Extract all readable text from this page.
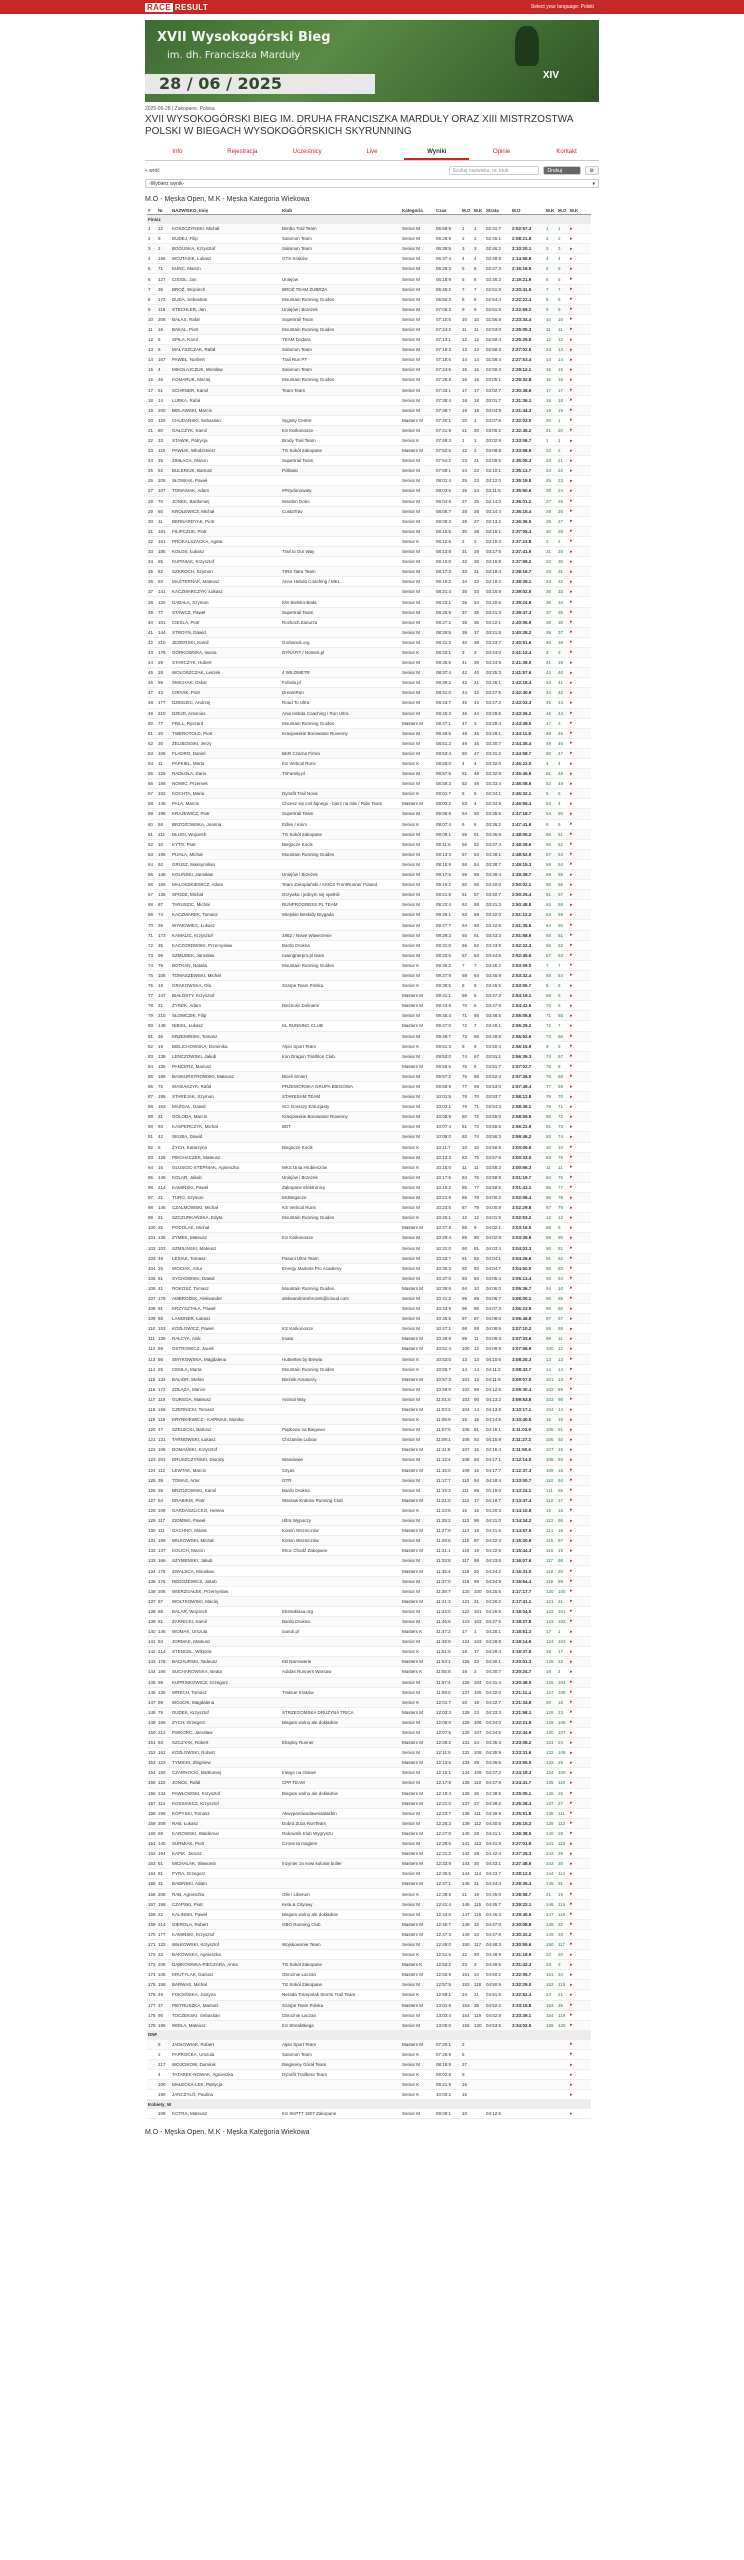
RACE RESULT	Select your language: Polski
XVII Wysokogórski Bieg
im. dh. Franciszka Marduły
28 / 06 / 2025	XIV
2025-06-28 | Zakopane, Polska
XVII WYSOKOGÓRSKI BIEG IM. DRUHA FRANCISZKA MARDUŁY ORAZ XIII MISTRZOSTWA POLSKI W BIEGACH WYSOKOGÓRSKICH SKYRUNNING
Info	Rejestracja	Uczestnicy	Live	Wyniki	Opinie	Kontakt
« wróć	Szukaj nazwiska, nr, klub	Drukuj	⚙
-Wybierz wynik-	▾
M.O - Męska Open, M.K - Męska Kategoria Wiekowa
#	Nr	NAZWISKO, Imię	Klub	Kategoria	Czas	M.O	M.K	Strata	M.O	M.K	M.O	M.K
Finisz												
1	12	KOSZCZYNSKI, Michał	Bimbo Trail Team	Senior M	06:59:8	1	1	02:41:7	2:02:57.3	1	1	▸
2	9	DUDEJ, Filip	Salomon Team	Senior M	06:28:9	2	2	02:45:1	2:08:21.8	2	2	▸
3	2	BOGUSKA, Krzysztof	Salomon Team	Senior M	06:39:5	3	3	02:46:2	2:10:20.1	3	3	▸
4	156	WOJTASIK, Łukasz	GTS Kraków	Senior M	06:37:4	4	4	02:48:8	2:14:56.8	4	4	▸
5	71	KUNC, Marcin		Senior M	06:29:3	5	5	02:47:3	2:16:16.5	5	5	▸
6	127	CISIOŁ, Jan	Uniejów	Senior M	06:18:9	6	6	02:46:2	2:19:21.9	6	6	▸
7	36	BROŻ, Wojciech	BROŻ TEAM ŻUBRZA	Senior M	06:46:2	7	7	02:51:8	2:20:41.5	7	7	▸
8	173	DUDA, Sebastian	Mountain Running Guides	Senior M	06:50:3	8	8	02:54:4	2:22:22.4	8	8	▸
9	119	STECHLER, Jan	Uniejów i Brzeżek	Senior M	07:05:3	9	9	02:51:9	2:22:59.2	9	9	▸
10	208	BAŁAS, Rafał	Supertrail Team	Senior M	07:10:5	10	10	02:56:8	2:23:34.4	10	10	▸
11	16	BAKAL, Piotr	Mountain Running Guides	Senior M	07:24:2	11	11	02:53:0	2:25:05.3	11	11	▸
12	5	SPIŁA, Karol	TEAM Dodara	Senior M	07:13:1	12	12	02:59:4	2:25:25.9	12	12	▸
13	6	MAŁYSZCZAK, Rafał	Salomon Team	Senior M	07:18:3	13	13	02:58:3	2:27:02.5	13	13	▸
14	167	PAWEŁ, Norbert	Trail Run PT	Senior M	07:18:6	14	14	02:58:4	2:27:53.4	14	14	▸
15	4	MIKOŁAJCZUK, Wiesław	Salomon Team	Senior M	07:24:6	15	15	02:59:3	2:29:12.1	15	15	▸
16	46	KOMARUK, Maciej	Mountain Running Guides	Senior M	07:28:8	16	16	03:05:1	2:29:32.8	16	16	▸
17	61	SCHRNER, Kamil	Team Team	Senior M	07:33:1	17	17	03:02:7	2:30:38.6	17	17	▸
18	14	LURKA, Rafał		Senior M	07:35:4	18	18	03:01:7	2:31:36.1	18	18	▸
19	200	BIELAWSKI, Marcin		Senior M	07:38:7	19	19	03:04:9	2:31:44.3	19	19	▸
20	128	CHUDAŃSKI, Sebastian	Sygnity Centre	Masters M	07:40:1	20	1	03:07:6	2:32:03.0	20	1	▸
21	80	GAŁCZYK, Kamil	KS Karkonosze	Senior M	07:41:9	21	20	03:06:2	2:32:45.2	21	20	▸
22	33	STAWIK, Patrycja	Brody Trail Team	Senior K	07:49:3	1	1	03:02:8	2:33:06.7	1	1	▸
23	116	PAWŁIK, Włodzimierz	TG Sokół Zakopane	Masters M	07:52:5	22	2	03:08:8	2:33:58.9	22	2	▸
24	35	ZIMŁAGA, Marcin	Supertrail Team	Senior M	07:54:2	23	21	03:09:5	2:35:05.3	23	21	▸
25	52	BULERIUK, Bartosz	Półbiało	Senior M	07:59:1	24	22	03:10:1	2:35:13.7	24	22	▸
26	206	SŁOWIAK, Paweł		Senior M	08:01:4	25	23	03:12:0	2:35:19.8	25	23	▸
27	107	TOMASIAK, Adam	#Pirydonowaty	Senior M	08:03:6	26	24	03:11:5	2:35:50.6	26	24	▸
28	70	JONEK, Bartłomiej	Warden Dobo	Senior M	08:04:8	27	25	03:14:0	2:36:01.2	27	25	▸
29	60	KROŁEWICZ, Michał	CostaTrav	Senior M	08:06:7	28	26	03:14:4	2:36:15.4	28	26	▸
30	11	BERNARDYAK, Piotr		Senior M	08:08:3	29	27	03:13:2	2:36:36.5	29	27	▸
31	181	FILIPCZUK, Piotr		Senior M	08:10:5	30	28	03:16:1	2:37:05.4	30	28	▸
32	161	PROKALSZACKA, Agata		Senior K	08:12:6	2	2	03:15:3	2:37:23.8	2	2	▸
33	185	KOŁOS, Łukasz	Trail to Our Way	Senior M	08:13:8	31	29	03:17:6	2:37:41.9	31	29	▸
34	85	KUPINIAK, Krzysztof		Senior M	08:15:0	32	30	03:16:8	2:37:58.2	32	30	▸
35	62	SZKROCH, Szymon	TIRS Tatra Team	Senior M	08:17:3	33	31	03:18:4	2:38:16.7	33	31	▸
36	93	MAŚTERNAK, Mateusz	Anna Hebda Coaching / MKL	Senior M	08:19:2	34	32	03:19:2	2:38:39.1	34	32	▸
37	141	KACZMARCZYK, Łukasz		Senior M	08:21:4	35	33	03:18:9	2:39:02.5	35	33	▸
38	120	DĄBAŁA, Szymon	KW Bielsko-Biała	Senior M	08:23:1	36	34	03:20:6	2:39:24.8	36	34	▸
39	77	STAWCZ, Paweł	Supertrail Team	Senior M	08:25:8	37	35	03:21:3	2:39:47.3	37	35	▸
40	101	CIEŚLA, Piotr	Rozkoch Zanurza	Senior M	08:27:2	38	36	03:22:1	2:40:06.9	38	36	▸
41	144	STROYŃ, Dawid		Senior M	08:29:5	39	37	03:21:8	2:40:28.2	39	37	▸
42	210	JEZIERSKI, Kamil	Gorbanok.org	Senior M	08:31:3	40	38	03:23:7	2:40:51.6	40	38	▸
43	176	GÓRKOWSKA, Iwona	DYNAFIT / Nomen.pl	Senior K	08:33:1	3	3	03:24:0	2:41:12.4	3	3	▸
44	29	STARCZYK, Hubert		Senior M	08:35:6	41	39	03:24:9	2:41:38.0	41	39	▸
45	28	WOLOSZCZAK, Leszek	4 WILDMETR	Senior M	08:37:4	42	40	03:25:3	2:41:57.6	42	40	▸
46	98	ŚMICHAK, Oskar	Fofeda.pl	Senior M	08:39:2	43	41	03:26:1	2:42:18.4	43	41	▸
47	43	CIRYAK, Piotr	DreamRun	Senior M	08:41:0	44	42	03:27:5	2:42:40.9	44	42	▸
48	177	DZIEDZIC, Andrzej	Road To Ultra	Senior M	08:43:7	45	43	03:27:2	2:43:03.3	45	43	▸
49	210	DZIUD, Antonius	Ania Hebda Coaching / Run Ultra	Senior M	08:45:3	46	44	03:28:6	2:43:26.2	46	44	▸
50	77	FRILL, Ryszard	Mountain Running Guides	Masters M	08:47:1	47	3	03:29:4	2:43:49.5	47	3	▸
51	20	TWEROTOLD, Piotr	Kraojowskie Borowanie Ruvenny	Senior M	08:49:5	48	45	03:29:1	2:44:11.8	48	45	▸
52	30	ŻELIBOSSKI, Jerzy		Senior M	08:51:2	49	46	03:30:7	2:44:35.4	49	46	▸
53	106	FLADRO, Daniel	BKR Czarna Firma	Senior M	08:53:4	50	47	03:31:2	2:44:58.7	50	47	▸
54	11	PAPKIEL, Marta	KS Vertical Runs	Senior K	08:55:0	4	4	03:32:0	2:45:22.0	4	4	▸
55	129	RADŁOŁA, Dario	TriFamily.pl	Senior M	08:57:6	51	48	03:32:8	2:45:45.9	51	48	▸
56	188	NOWIC, Przemek		Senior M	08:59:3	52	49	03:33:4	2:46:08.6	52	49	▸
57	102	KOCHTA, Maria	Dynafit Trail Nova	Senior K	09:01:7	5	5	03:34:1	2:46:32.1	5	5	▸
58	148	PALA, Marcin	Chcesz się coś fajnego - bierz na ride / Ride Team	Masters M	09:03:2	53	4	03:34:9	2:46:55.4	53	4	▸
59	198	KRAJEWICZ, Piotr	Supertrail Team	Senior M	09:05:8	54	50	03:35:5	2:47:18.7	54	50	▸
60	58	BRZOZOWSKA, Joanna	Edles / Ksim	Senior K	09:07:4	6	6	03:36:2	2:47:41.9	6	6	▸
61	211	DŁUGI, Wojciech	TG Sokół Zakopane	Senior M	09:09:1	55	51	03:36:8	2:48:05.2	55	51	▸
62	10	KYTO, Piotr	Biegacze Kocik	Senior M	09:11:6	56	52	03:37:4	2:48:28.6	56	52	▸
63	195	PIJAŁA, Michał	Mountain Running Guides	Senior M	09:13:3	57	53	03:38:1	2:48:52.0	57	53	▸
64	92	GRUSZ, Maksymilian		Senior M	09:15:9	58	54	03:38:7	2:49:15.3	58	54	▸
65	148	KOLIŃSKI, Jarosław	Uniejów i Brzeżek	Senior M	09:17:5	59	55	03:39:4	2:49:38.7	59	55	▸
66	165	MALOSZKIEWICZ, Adam	Team Zakopiański / ASICS FrontRunner Poland	Senior M	09:19:2	60	56	03:40:0	2:50:02.1	60	56	▸
67	136	SPODZ, Michał	Grzywka i jednym się spełnili	Senior M	09:21:8	61	57	03:40:7	2:50:25.4	61	57	▸
68	87	TARUSZIC, Michał	RUNPROGRESS.PL TEAM	Senior M	09:23:4	62	58	03:41:3	2:50:48.8	62	58	▸
69	74	KACZMAREK, Tomasz	Wiejskie Beskidy Brygada	Senior M	09:25:1	63	59	03:42:0	2:51:12.2	63	59	▸
70	36	WYMOWIEC, Łukasz		Senior M	09:27:7	64	60	03:42:6	2:51:35.5	64	60	▸
71	173	KAMALIC, Krzysztof	1982 / Nowe Wiwerzenie	Senior M	09:29:3	65	61	03:43:3	2:51:58.9	65	61	▸
72	35	KACZORDWSKI, Przemysław	Bardo Drukna	Senior M	09:31:0	66	62	03:43:9	2:52:22.3	66	62	▸
73	99	SZMUDEK, Jarosław	ruwingnerpro.pl team	Senior M	09:33:6	67	63	03:44:6	2:52:45.6	67	63	▸
74	79	BOTKAN, Natalia	Mountain Running Guides	Senior K	09:35:2	7	7	03:45:2	2:53:09.0	7	7	▸
75	105	TOMASZEWSKI, Michał		Senior M	09:37:9	68	64	03:45:9	2:53:32.4	68	64	▸
76	18	GRAKOWSKA, Ola	Szarpe Team Polska	Senior K	09:39:5	8	8	03:46:5	2:53:55.7	8	8	▸
77	147	BIAŁOSTY, Krzysztof		Masters M	09:41:1	69	5	03:47:2	2:54:19.1	69	5	▸
78	31	ŻYREK, Adam	Bieżność Dolinami	Masters M	09:43:8	70	6	03:47:8	2:54:42.5	70	6	▸
79	210	SŁOWCZIK, Filip		Senior M	09:45:4	71	65	03:48:5	2:55:05.8	71	65	▸
80	148	NIBISL, Łukasz	KL RUNNING CLUB	Masters M	09:47:0	72	7	03:49:1	2:55:29.2	72	7	▸
81	36	KRZEMIŃSKI, Tomasz		Senior M	09:49:7	73	66	03:49:8	2:55:52.6	73	66	▸
82	19	BIELICHOWSKA, Dominika	Alpin Sport Team	Senior K	09:51:3	9	9	03:50:4	2:56:15.9	9	9	▸
83	138	LENCZOWSKI, Jakub	Iron Dragon Triathlon Club	Senior M	09:53:0	74	67	03:51:1	2:56:39.3	74	67	▸
84	136	PANCERZ, Mariusz		Masters M	09:55:6	75	8	03:51:7	2:57:02.7	75	8	▸
85	185	BASKURSTROWSKI, Mateusz	Biceli Smiert	Senior M	09:57:2	76	68	03:52:4	2:57:26.0	76	68	▸
86	75	WASIAKZYK, Rafał	PRZEWORSKA GRUPA BIEGOWA	Senior M	09:59:9	77	69	03:53:0	2:57:49.4	77	69	▸
87	195	STAREJAK, Szymon	STARESAM TEAM	Senior M	10:01:5	78	70	03:53:7	2:58:12.8	78	70	▸
88	163	MAZGAL, Dawid	SCI Gorsszy Entuzjasty	Senior M	10:03:1	79	71	03:54:3	2:58:36.1	79	71	▸
89	31	GOLODA, Marcin	Kraojowskie Borowanie Ruvenny	Senior M	10:05:8	80	72	03:55:0	2:58:59.5	80	72	▸
90	93	KASPERCZYK, Michał	BDT	Senior M	10:07:4	81	73	03:55:6	2:59:22.9	81	73	▸
91	42	SKUBA, Dawid		Senior M	10:09:0	82	74	03:56:3	2:59:46.2	82	74	▸
92	8	ŻYCH, Katarzyna	Biegacze Kocik	Senior K	10:11:7	10	10	03:56:9	3:00:09.6	10	10	▸
93	128	PIECHACZEK, Mateusz		Senior M	10:13:3	83	75	03:57:6	3:00:33.0	83	75	▸
94	16	GŁUSIOC-STEPNIAK, Agnieszka	MKS Unia Hrubieszów	Senior K	10:15:0	11	11	03:58:2	3:00:56.3	11	11	▸
95	149	KOLAR, Jakub	Uniejów i Brzeżek	Senior M	10:17:6	84	76	03:58:9	3:01:19.7	84	76	▸
96	214	KAMIŃSKI, Paweł	Zakopane Elektronicy	Senior M	10:19:2	85	77	03:59:5	3:01:43.1	85	77	▸
97	21	TURO, Szymon	McBiegacze	Senior M	10:21:9	86	78	04:00:2	3:02:06.4	86	78	▸
98	146	CZALMOWSKI, Michał	KS Vertical Runs	Senior M	10:23:5	87	79	04:00:8	3:02:29.8	87	79	▸
99	21	SZCZURKAŃSKA, Edyta	Mountain Running Guides	Senior K	10:25:1	12	12	04:01:5	3:02:53.2	12	12	▸
100	25	PODOLAK, Michał		Masters M	10:27:8	88	9	04:02:1	3:03:16.5	88	9	▸
101	136	ZYMEK, Mateusz	KS Karkonosze	Senior M	10:29:4	89	80	04:02:8	3:03:39.9	89	80	▸
102	103	SZMILINSKI, Mateusz		Senior M	10:31:0	90	81	04:03:4	3:04:03.3	90	81	▸
103	48	LESIAK, Tomasz	Pasuni Ultra Team	Senior M	10:33:7	91	82	04:04:1	3:04:26.6	91	82	▸
104	26	WOCIAK, Artur	Energy Markets Pro Academy	Senior M	10:35:3	92	83	04:04:7	3:04:50.0	92	83	▸
105	81	SYCHOWSKI, Dawid		Senior M	10:37:0	93	84	04:05:4	3:05:13.4	93	84	▸
106	41	ROKOSZ, Tomasz	Mountain Running Guides	Masters M	10:39:6	94	10	04:06:0	3:05:36.7	94	10	▸
107	179	AMBROŻEK, Aleksander	aleksandrrambrozek@icloud.com	Senior M	10:41:2	95	85	04:06:7	3:06:00.1	95	85	▸
108	91	KRZYSZTAŁA, Paweł		Senior M	10:43:9	96	86	04:07:3	3:06:23.5	96	86	▸
109	58	LANGNER, Łukasz		Senior M	10:45:5	97	87	04:08:0	3:06:46.8	97	87	▸
110	153	KOZŁOWICZ, Paweł	KS Karkonosze	Senior M	10:47:1	98	88	04:08:6	3:07:10.2	98	88	▸
111	139	RAŁCYA, Anik	Imala	Masters M	10:49:8	99	11	04:09:3	3:07:33.6	99	11	▸
112	69	OSTROWICZ, Jacek		Masters M	10:51:4	100	12	04:09:9	3:07:56.9	100	12	▸
113	56	SMYKOWSKA, Magdalena	Hutterites by Brewia	Senior K	10:53:0	13	13	04:10:6	3:08:20.3	13	13	▸
114	25	CEMLA, Marta	Mountain Running Guides	Senior K	10:55:7	14	14	04:11:2	3:08:43.7	14	14	▸
115	132	BALIOR, Stefan	Bieżnik Amatorzy	Masters M	10:57:3	101	13	04:11:9	3:09:07.0	101	13	▸
116	172	ZOŁĄZA, Marcin		Senior M	10:59:0	102	89	04:12:5	3:09:30.4	102	89	▸
117	119	GURSOA, Mateusz	Animal Way	Senior M	11:01:6	103	90	04:13:2	3:09:53.8	103	90	▸
118	156	CZERNICKI, Tomasz		Masters M	11:03:2	104	14	04:13:8	3:10:17.1	104	14	▸
119	118	KRYNKIEWICZ - KAPINAS, Monika		Senior K	11:05:9	15	15	04:14:5	3:10:40.5	15	15	▸
120	47	SZELECKI, Bartosz	Piątkowo na Biegowo	Senior M	11:07:5	105	91	04:15:1	3:11:03.9	105	91	▸
121	131	TARNOWSKI, Łukasz	Chrzanów Lubow	Senior M	11:09:1	106	92	04:15:8	3:11:27.2	106	92	▸
122	108	DOMAŃSKI, Krzysztof		Masters M	11:11:8	107	15	04:16:4	3:11:50.6	107	15	▸
123	201	DRUSZCZYŃSKI, Dionizy	Wandowie	Senior M	11:13:4	108	93	04:17:1	3:12:14.0	108	93	▸
124	112	LEWTAK, Marcin	Cityas	Masters M	11:15:0	109	16	04:17:7	3:12:37.3	109	16	▸
125	39	TOMAS, Artur	GTR	Senior M	11:17:7	110	94	04:18:4	3:13:00.7	110	94	▸
126	38	BRZOZOWSKI, Kamil	Bardo Drukna	Senior M	11:19:3	111	95	04:19:0	3:13:24.1	111	95	▸
127	54	DRABIKIS, Piotr	Warsaw Kraków Running Club	Masters M	11:21:0	112	17	04:19:7	3:13:47.4	112	17	▸
128	109	GARDASZLICKO, Helena		Senior K	11:23:6	16	16	04:20:3	3:14:10.8	16	16	▸
129	117	ZIOMSKI, Paweł	Ultra Wypoczy	Senior M	11:25:2	113	96	04:21:0	3:14:34.2	113	96	▸
130	111	GACHNO, Marek	Komin Wszniczów	Masters M	11:27:9	114	18	04:21:6	3:14:57.5	114	18	▸
131	199	WILKOWSKI, Michał	Komin Wszniczów	Senior M	11:29:5	115	97	04:22:3	3:15:20.9	115	97	▸
132	137	KOLICH, Marcin	Mroc Chodź Zakopane	Masters M	11:31:1	116	19	04:22:9	3:15:44.3	116	19	▸
133	166	SZYMENSKI, Jakub		Senior M	11:33:8	117	98	04:23:6	3:16:07.6	117	98	▸
134	178	ZWAŁSCA, Mirosław		Masters M	11:35:4	118	20	04:24:2	3:16:31.0	118	20	▸
135	176	REDOŻEWICZ, Jakub		Senior M	11:37:0	119	99	04:24:9	3:16:54.4	119	99	▸
136	206	WIERZGAŁEK, Przemysław		Senior M	11:39:7	120	100	04:25:5	3:17:17.7	120	100	▸
137	97	WOLTKOWSKI, Maciej		Masters M	11:41:3	121	21	04:26:2	3:17:41.1	121	21	▸
138	88	BALAR, Wojciech	Ekstraklasa.org	Senior M	11:43:0	122	101	04:26:8	3:18:04.5	122	101	▸
139	61	ŻARNICKI, Kamil	Bardo Drukna	Senior M	11:45:6	123	102	04:27:5	3:18:27.8	123	102	▸
140	146	WOMAK, Urszula	ioaruti.pl	Masters K	11:47:2	17	1	04:28:1	3:18:51.2	17	1	▸
141	84	JORMAK, Mateusz		Senior M	11:49:9	124	103	04:28:8	3:19:14.6	124	103	▸
142	214	STENCEL, Wiktoria		Senior K	11:51:5	18	17	04:29:4	3:19:37.9	18	17	▸
143	178	BACHURSKI, Tadeusz	KB Narrowerie	Masters M	11:53:1	125	22	04:30:1	3:20:01.3	125	22	▸
144	166	SUCHAROWSKA, Beata	Adidas Runners Warsaw	Masters K	11:55:8	19	2	04:30:7	3:20:24.7	19	2	▸
145	98	KUPRINKOWICZ, Grzegorz		Senior M	11:57:4	126	104	04:31:4	3:20:48.0	126	104	▸
146	135	WRECH, Tomasz	Trakrue Kraków	Senior M	11:59:0	127	105	04:32:0	3:21:11.4	127	105	▸
147	99	WOJCIK, Magdalena		Senior K	12:01:7	20	18	04:32:7	3:21:34.8	20	18	▸
148	79	DUDEK, Krzysztof	STRZEGOMSKA DRUŻYNA TRICA	Masters M	12:03:3	128	23	04:33:3	3:21:58.1	128	23	▸
149	169	ZYCH, Grzegorz	Biegam wolno ale dokładnie	Senior M	12:05:0	129	106	04:34:0	3:22:21.5	129	106	▸
150	212	PSIKORC, Jarosław		Senior M	12:07:6	130	107	04:34:6	3:22:44.9	130	107	▸
151	63	SZCZYAK, Robert	Eksploy Runner	Masters M	12:09:2	131	24	04:35:3	3:23:08.2	131	24	▸
152	162	KOZŁOWSKI, Robert		Senior M	12:11:9	132	108	04:35:9	3:23:31.6	132	108	▸
153	123	TYMICKI, Zbigniew		Masters M	12:13:5	133	25	04:36:6	3:23:55.0	133	25	▸
154	150	CZARNOCKI, Bartłomiej	Inwigo na Oisiwe	Senior M	12:15:1	134	109	04:37:2	3:24:18.3	134	109	▸
155	122	JOŃCE, Rafał	CPP TEAM	Senior M	12:17:8	135	110	04:37:9	3:24:41.7	135	110	▸
156	134	PAWŁOWSKI, Krzysztof	Biegam wolno ale dokładnie	Masters M	12:19:4	136	26	04:38:5	3:25:05.1	136	26	▸
157	114	KOSSIAKCZ, Krzysztof		Masters M	12:21:0	137	27	04:39:2	3:25:28.4	137	27	▸
158	199	KOPYSKI, Tomasz	Akwypamiwodawnidalakbin	Senior M	12:23:7	138	111	04:39:8	3:25:51.8	138	111	▸
159	209	RAB, Łukasz	Dobra Zuza RunTeam	Senior M	12:25:3	139	112	04:40:5	3:26:15.2	139	112	▸
160	68	KAROWSKI, Waldemar	Rakownik Klub Wygryszu	Masters M	12:27:0	140	28	04:41:1	3:26:38.5	140	28	▸
161	140	SURMIAK, Piotr	Czone ta magiem	Senior M	12:29:6	141	113	04:41:8	3:27:01.9	141	113	▸
162	164	KAPIK, Janusz		Masters M	12:31:2	142	29	04:42:4	3:27:25.3	142	29	▸
163	51	MICHALAK, Sławomir	Inzynier za nowi kolosie boiler	Masters M	12:33:9	143	30	04:43:1	3:27:48.6	143	30	▸
164	81	PYRA, Grzegorz		Senior M	12:35:5	144	114	04:43:7	3:28:12.0	144	114	▸
165	31	BABIŃSKI, Adam		Masters M	12:37:1	145	31	04:44:4	3:28:35.4	145	31	▸
166	208	RAB, Agnieszka	Olle i Liberum	Senior K	12:39:8	21	19	04:45:0	3:28:58.7	21	19	▸
167	198	CZAPSKI, Piotr	Keta & Cityowy	Senior M	12:41:4	146	115	04:45:7	3:29:22.1	146	115	▸
168	22	KALINSKI, Paweł	Biegam wolno ale dokładnie	Senior M	12:43:0	147	116	04:46:3	3:29:45.5	147	116	▸
169	214	GIEROLA, Robert	GBO Running Club	Masters M	12:45:7	148	32	04:47:0	3:30:08.8	148	32	▸
170	177	KAMIŃSKI, Krzysztof		Masters M	12:47:3	149	33	04:47:6	3:30:32.2	149	33	▸
171	122	WIŁKOWSKI, Krzysztof	Wojskowonie Team	Senior M	12:49:0	150	117	04:48:3	3:30:55.6	150	117	▸
172	33	BAKOWSKA, Agnieszka		Senior K	12:51:6	22	20	04:48:9	3:31:18.9	22	20	▸
173	206	DĄBKOWSKA-PIECZARA, Anna	TG Sokół Zakopane	Masters K	12:53:2	23	3	04:49:6	3:31:42.3	23	3	▸
174	105	KRUTYLAK, Dariusz	Obrożnie Łaczan	Masters M	12:55:9	151	34	04:50:2	3:32:05.7	151	34	▸
175	158	BARWAS, Michał	TG Sokół Zakopane	Senior M	12:57:5	152	118	04:50:9	3:32:29.0	152	118	▸
176	49	FOKSIŃSKA, Justyna	Nerada Trampolak Stormi Trail Team	Senior K	12:59:1	24	21	04:51:5	3:32:52.4	24	21	▸
177	37	PIETRUSZKA, Mariusz	Szarpe Team Polska	Masters M	13:01:8	153	35	04:52:2	3:33:15.8	153	35	▸
178	90	TOCZEKSKI, Sebastian	Obrożnie Łaczan	Senior M	13:03:4	154	119	04:52:8	3:33:39.1	154	119	▸
179	186	WIDLA, Mateusz	KS StreakBiega	Senior M	13:05:0	155	120	04:53:5	3:34:02.5	155	120	▸
DNF												
	9	JADŁOWIAK, Robert	Alpin Sport Team	Masters M	07:20:1	2						▸
	2	PAPROCKA, Urszula	Salomon Team	Senior K	07:26:9	5						▸
	217	WOJCIKOW, Dominik	Bieganiny Górał Team	Senior M	08:19:9	27						▸
	4	TATAREK-NOWAK, Agnieszka	Dynafit Trailbera Team	Senior K	09:02:8	9						▸
	100	MAŁECKA-LEK, Patrycja		Senior K	09:21:9	16						▸
	190	JANCZYŁÓ, Paulina		Senior K	10:00:2	16						▸
Kobiety_W												
	109	KOTRA, Mateusz	KS SKPTT 1907 Zakopane	Senior M	09:09:1	10		04:12:5				▸
M.O - Męska Open, M.K - Męska Kategoria Wiekowa
